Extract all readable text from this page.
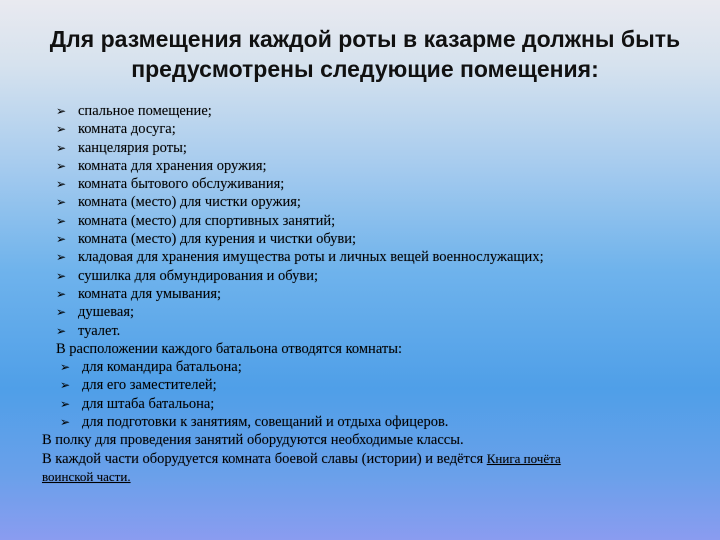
Для размещения каждой роты в казарме должны быть предусмотрены следующие помещения:
➢ спальное помещение;
➢ комната досуга;
➢ канцелярия роты;
➢ комната для хранения оружия;
➢ комната бытового обслуживания;
➢ комната (место) для чистки оружия;
➢ комната (место) для спортивных занятий;
➢ комната (место) для курения и чистки обуви;
➢ кладовая для хранения имущества роты и личных вещей военнослужащих;
➢ сушилка для обмундирования и обуви;
➢ комната для умывания;
➢ душевая;
➢ туалет.
В расположении каждого батальона отводятся комнаты:
➢ для командира батальона;
➢ для его заместителей;
➢ для штаба батальона;
➢ для подготовки к занятиям, совещаний и отдыха офицеров.
В полку для проведения занятий оборудуются необходимые классы.
В каждой части оборудуется комната боевой славы (истории) и ведётся Книга почёта
воинской части.
